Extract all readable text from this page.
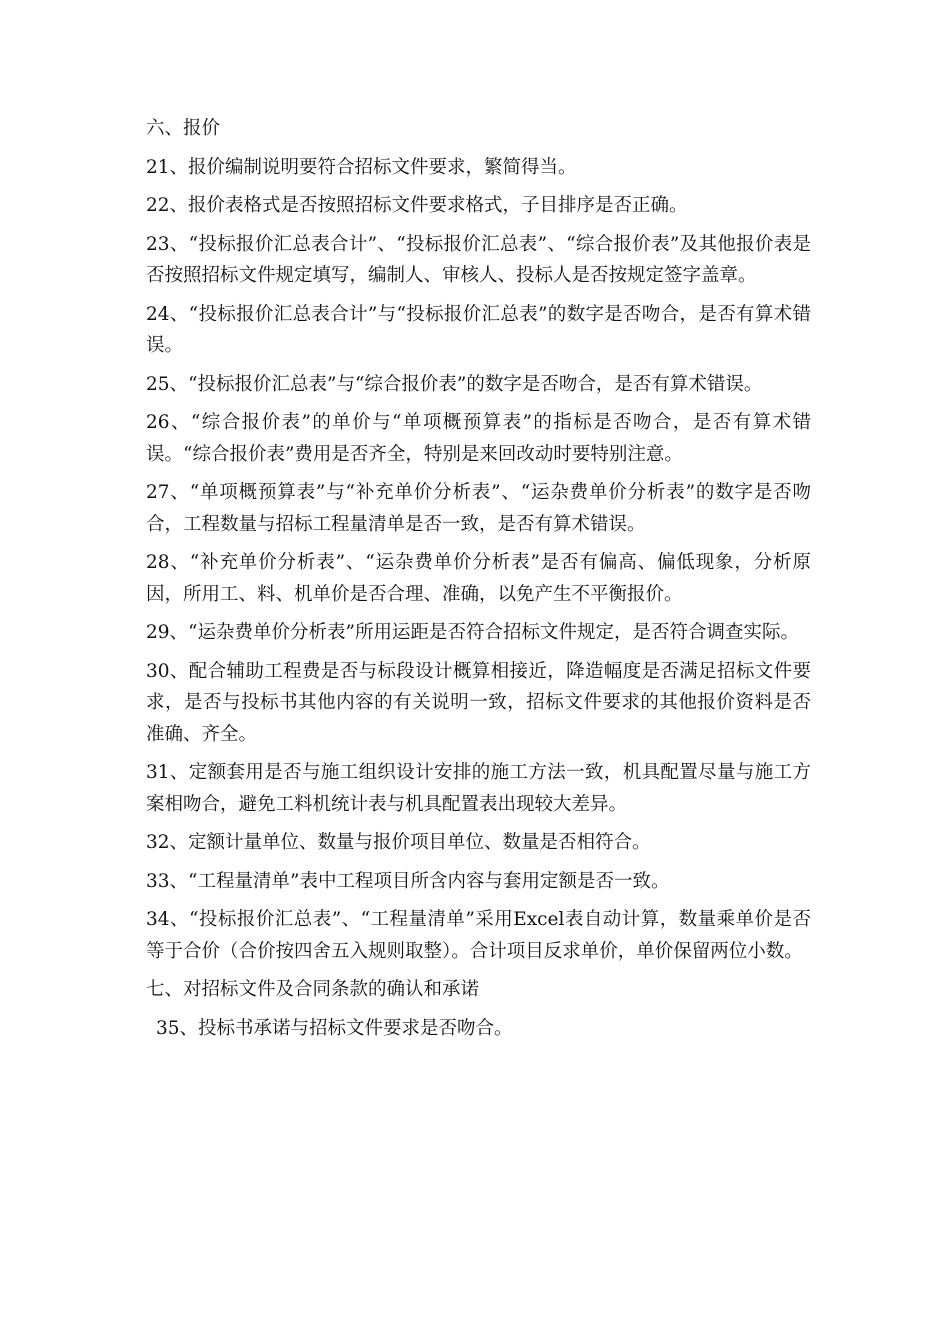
六、报价
21、报价编制说明要符合招标文件要求，繁简得当。
22、报价表格式是否按照招标文件要求格式，子目排序是否正确。
23、“投标报价汇总表合计”、“投标报价汇总表”、“综合报价表”及其他报价表是否按照招标文件规定填写，编制人、审核人、投标人是否按规定签字盖章。
24、“投标报价汇总表合计”与“投标报价汇总表”的数字是否吻合，是否有算术错误。
25、“投标报价汇总表”与“综合报价表”的数字是否吻合，是否有算术错误。
26、“综合报价表”的单价与“单项概预算表”的指标是否吻合，是否有算术错误。“综合报价表”费用是否齐全，特别是来回改动时要特别注意。
27、“单项概预算表”与“补充单价分析表”、“运杂费单价分析表”的数字是否吻合，工程数量与招标工程量清单是否一致，是否有算术错误。
28、“补充单价分析表”、“运杂费单价分析表”是否有偏高、偏低现象，分析原因，所用工、料、机单价是否合理、准确，以免产生不平衡报价。
29、“运杂费单价分析表”所用运距是否符合招标文件规定，是否符合调查实际。
30、配合辅助工程费是否与标段设计概算相接近，降造幅度是否满足招标文件要求，是否与投标书其他内容的有关说明一致，招标文件要求的其他报价资料是否准确、齐全。
31、定额套用是否与施工组织设计安排的施工方法一致，机具配置尽量与施工方案相吻合，避免工料机统计表与机具配置表出现较大差异。
32、定额计量单位、数量与报价项目单位、数量是否相符合。
33、“工程量清单”表中工程项目所含内容与套用定额是否一致。
34、“投标报价汇总表”、“工程量清单”采用Excel表自动计算，数量乘单价是否等于合价（合价按四舍五入规则取整）。合计项目反求单价，单价保留两位小数。
七、对招标文件及合同条款的确认和承诺
35、投标书承诺与招标文件要求是否吻合。
